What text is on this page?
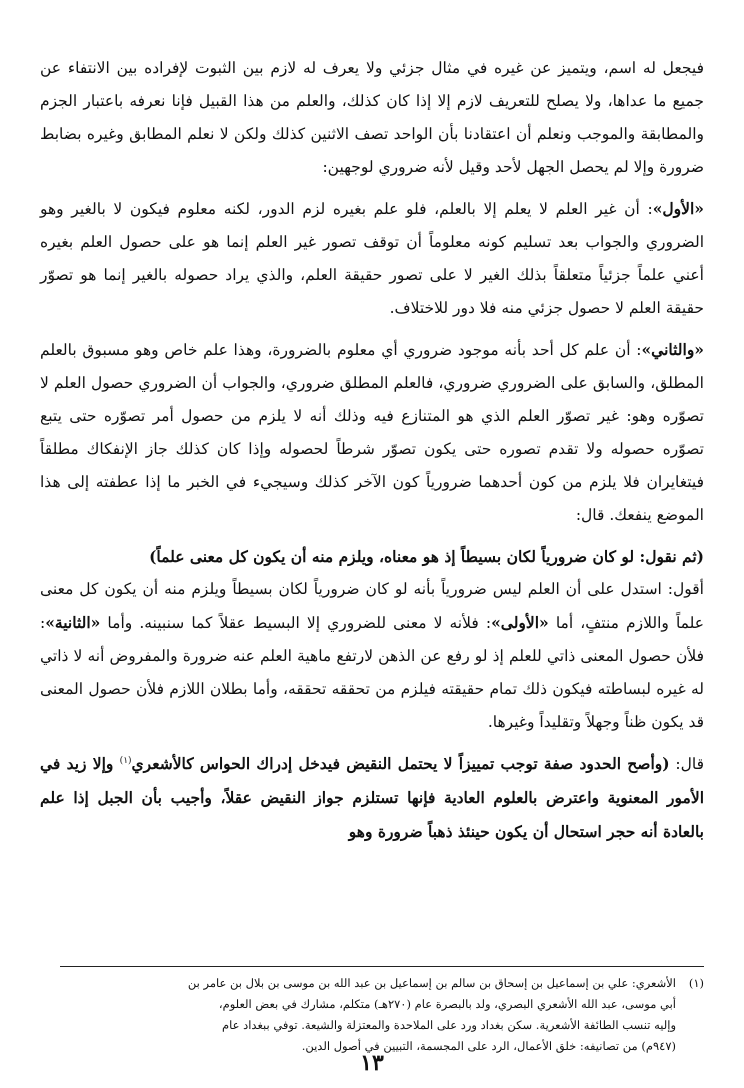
فيجعل له اسم، ويتميز عن غيره في مثال جزئي ولا يعرف له لازم بين الثبوت لإفراده بين الانتفاء عن جميع ما عداها، ولا يصلح للتعريف لازم إلا إذا كان كذلك، والعلم من هذا القبيل فإنا نعرفه باعتبار الجزم والمطابقة والموجب ونعلم أن اعتقادنا بأن الواحد تصف الاثنين كذلك ولكن لا نعلم المطابق وغيره بضابط ضرورة وإلا لم يحصل الجهل لأحد وقيل لأنه ضروري لوجهين:

«الأول»: أن غير العلم لا يعلم إلا بالعلم، فلو علم بغيره لزم الدور، لكنه معلوم فيكون لا بالغير وهو الضروري والجواب بعد تسليم كونه معلوماً أن توقف تصور غير العلم إنما هو على حصول العلم بغيره أعني علماً جزئياً متعلقاً بذلك الغير لا على تصور حقيقة العلم، والذي يراد حصوله بالغير إنما هو تصوّر حقيقة العلم لا حصول جزئي منه فلا دور للاختلاف.

«والثاني»: أن علم كل أحد بأنه موجود ضروري أي معلوم بالضرورة، وهذا علم خاص وهو مسبوق بالعلم المطلق، والسابق على الضروري ضروري، فالعلم المطلق ضروري، والجواب أن الضروري حصول العلم لا تصوّره وهو: غير تصوّر العلم الذي هو المتنازع فيه وذلك أنه لا يلزم من حصول أمر تصوّره حتى يتبع تصوّره حصوله ولا تقدم تصوره حتى يكون تصوّر شرطاً لحصوله وإذا كان كذلك جاز الإنفكاك مطلقاً فيتغايران فلا يلزم من كون أحدهما ضرورياً كون الآخر كذلك وسيجيء في الخبر ما إذا عطفته إلى هذا الموضع ينفعك. قال:

(ثم نقول: لو كان ضرورياً لكان بسيطاً إذ هو معناه، ويلزم منه أن يكون كل معنى علماً)

أقول: استدل على أن العلم ليس ضرورياً بأنه لو كان ضرورياً لكان بسيطاً ويلزم منه أن يكون كل معنى علماً واللازم منتفٍ، أما «الأولى»: فلأنه لا معنى للضروري إلا البسيط عقلاً كما سنبينه. وأما «الثانية»: فلأن حصول المعنى ذاتي للعلم إذ لو رفع عن الذهن لارتفع ماهية العلم عنه ضرورة والمفروض أنه لا ذاتي له غيره لبساطته فيكون ذلك تمام حقيقته فيلزم من تحققه تحققه، وأما بطلان اللازم فلأن حصول المعنى قد يكون ظناً وجهلاً وتقليداً وغيرها.

قال: (وأصح الحدود صفة توجب تمييزاً لا يحتمل النقيض فيدخل إدراك الحواس كالأشعري$^{(١)}$ وإلا زيد في الأمور المعنوية واعترض بالعلوم العادية فإنها تستلزم جواز النقيض عقلاً، وأجيب بأن الجبل إذا علم بالعادة أنه حجر استحال أن يكون حينئذ ذهباً ضرورة وهو

(١)الأشعري: علي بن إسماعيل بن إسحاق بن سالم بن إسماعيل بن عبد الله بن موسى بن بلال بن عامر بن

أبي موسى، عبد الله الأشعري البصري، ولد بالبصرة عام (٢٧٠هـ) متكلم، مشارك في بعض العلوم،

وإليه تنسب الطائفة الأشعرية. سكن بغداد ورد على الملاحدة والمعتزلة والشيعة. توفي ببغداد عام

(٩٤٧م) من تصانيفه: خلق الأعمال، الرد على المجسمة، التبيين في أصول الدين.

١٣
